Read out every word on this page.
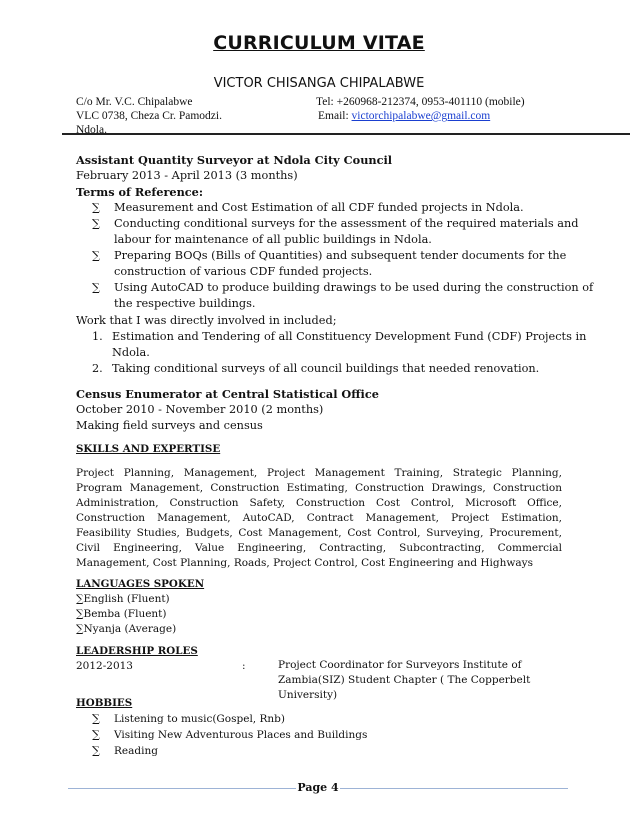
CURRICULUM VITAE
VICTOR CHISANGA CHIPALABWE
C/o Mr. V.C. Chipalabwe
VLC 0738, Cheza Cr. Pamodzi.
Ndola.
Tel: +260968-212374, 0953-401110 (mobile)
Email: victorchipalabwe@gmail.com
Assistant Quantity Surveyor at Ndola City Council
February 2013 - April 2013 (3 months)
Terms of Reference:
∑ Measurement and Cost Estimation of all CDF funded projects in Ndola.
∑ Conducting conditional surveys for the assessment of the required materials and
labour for maintenance of all public buildings in Ndola.
∑ Preparing BOQs (Bills of Quantities) and subsequent tender documents for the
construction of various CDF funded projects.
∑ Using AutoCAD to produce building drawings to be used during the construction of
the respective buildings.
Work that I was directly involved in included;
1. Estimation and Tendering of all Constituency Development Fund (CDF) Projects in
Ndola.
2. Taking conditional surveys of all council buildings that needed renovation.
Census Enumerator at Central Statistical Office
October 2010 - November 2010 (2 months)
Making field surveys and census
SKILLS AND EXPERTISE
Project Planning, Management, Project Management Training, Strategic Planning, Program Management, Construction Estimating, Construction Drawings, Construction Administration, Construction Safety, Construction Cost Control, Microsoft Office, Construction Management, AutoCAD, Contract Management, Project Estimation, Feasibility Studies, Budgets, Cost Management, Cost Control, Surveying, Procurement, Civil Engineering, Value Engineering, Contracting, Subcontracting, Commercial Management, Cost Planning, Roads, Project Control, Cost Engineering and Highways
LANGUAGES SPOKEN
∑English (Fluent)
∑Bemba (Fluent)
∑Nyanja (Average)
LEADERSHIP ROLES
2012-2013	:	Project Coordinator for Surveyors Institute of
Zambia(SIZ) Student Chapter ( The Copperbelt
University)
HOBBIES
∑ Listening to music(Gospel, Rnb)
∑ Visiting New Adventurous Places and Buildings
∑ Reading
Page 4
